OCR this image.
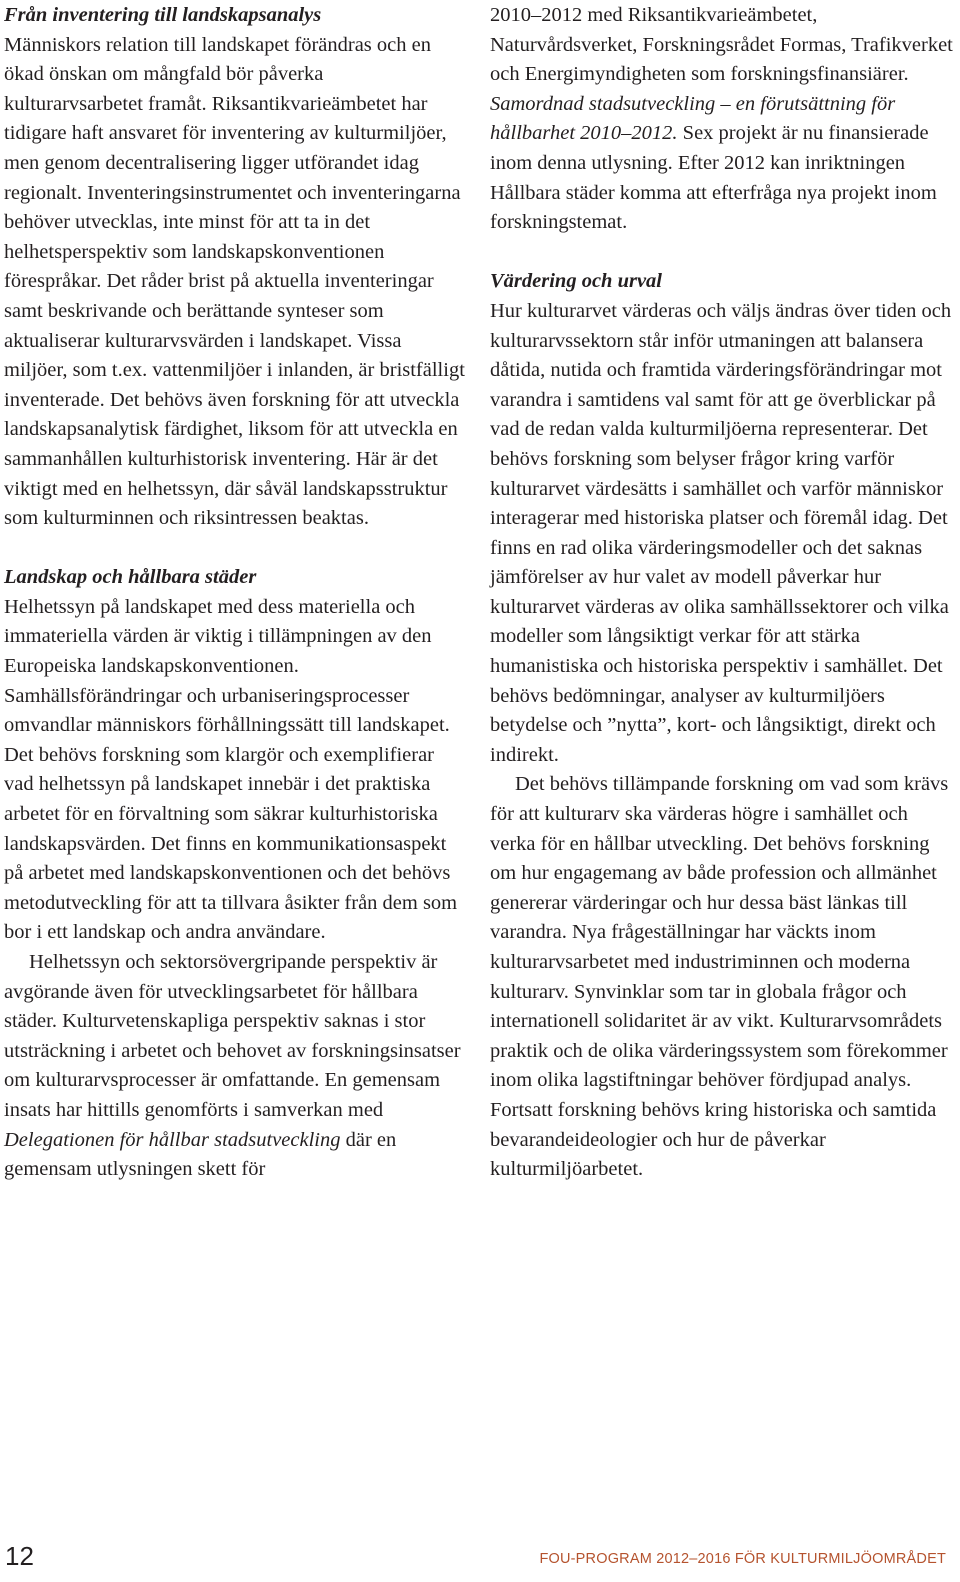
Från inventering till landskapsanalys

Människors relation till landskapet förändras och en ökad önskan om mångfald bör påverka kulturarvsarbetet framåt. Riksantikvarieämbetet har tidigare haft ansvaret för inventering av kulturmiljöer, men genom decentralisering ligger utförandet idag regionalt. Inventeringsinstrumentet och inventeringarna behöver utvecklas, inte minst för att ta in det helhetsperspektiv som landskapskonventionen förespråkar. Det råder brist på aktuella inventeringar samt beskrivande och berättande synteser som aktualiserar kulturarvsvärden i landskapet. Vissa miljöer, som t.ex. vattenmiljöer i inlanden, är bristfälligt inventerade. Det behövs även forskning för att utveckla landskapsanalytisk färdighet, liksom för att utveckla en sammanhållen kulturhistorisk inventering. Här är det viktigt med en helhetssyn, där såväl landskapsstruktur som kulturminnen och riksintressen beaktas.

Landskap och hållbara städer

Helhetssyn på landskapet med dess materiella och immateriella värden är viktig i tillämpningen av den Europeiska landskapskonventionen. Samhällsförändringar och urbaniseringsprocesser omvandlar människors förhållningssätt till landskapet. Det behövs forskning som klargör och exemplifierar vad helhetssyn på landskapet innebär i det praktiska arbetet för en förvaltning som säkrar kulturhistoriska landskapsvärden. Det finns en kommunikationsaspekt på arbetet med landskapskonventionen och det behövs metodutveckling för att ta tillvara åsikter från dem som bor i ett landskap och andra användare.

Helhetssyn och sektorsövergripande perspektiv är avgörande även för utvecklingsarbetet för hållbara städer. Kulturvetenskapliga perspektiv saknas i stor utsträckning i arbetet och behovet av forskningsinsatser om kulturarvsprocesser är omfattande. En gemensam insats har hittills genomförts i samverkan med Delegationen för hållbar stadsutveckling där en gemensam utlysningen skett för

2010–2012 med Riksantikvarieämbetet, Naturvårdsverket, Forskningsrådet Formas, Trafikverket och Energimyndigheten som forskningsfinansiärer. Samordnad stadsutveckling – en förutsättning för hållbarhet 2010–2012. Sex projekt är nu finansierade inom denna utlysning. Efter 2012 kan inriktningen Hållbara städer komma att efterfråga nya projekt inom forskningstemat.

Värdering och urval

Hur kulturarvet värderas och väljs ändras över tiden och kulturarvssektorn står inför utmaningen att balansera dåtida, nutida och framtida värderingsförändringar mot varandra i samtidens val samt för att ge överblickar på vad de redan valda kulturmiljöerna representerar. Det behövs forskning som belyser frågor kring varför kulturarvet värdesätts i samhället och varför människor interagerar med historiska platser och föremål idag. Det finns en rad olika värderingsmodeller och det saknas jämförelser av hur valet av modell påverkar hur kulturarvet värderas av olika samhällssektorer och vilka modeller som långsiktigt verkar för att stärka humanistiska och historiska perspektiv i samhället. Det behövs bedömningar, analyser av kulturmiljöers betydelse och ”nytta”, kort- och långsiktigt, direkt och indirekt.

Det behövs tillämpande forskning om vad som krävs för att kulturarv ska värderas högre i samhället och verka för en hållbar utveckling. Det behövs forskning om hur engagemang av både profession och allmänhet genererar värderingar och hur dessa bäst länkas till varandra. Nya frågeställningar har väckts inom kulturarvsarbetet med industriminnen och moderna kulturarv. Synvinklar som tar in globala frågor och internationell solidaritet är av vikt. Kulturarvsområdets praktik och de olika värderingssystem som förekommer inom olika lagstiftningar behöver fördjupad analys. Fortsatt forskning behövs kring historiska och samtida bevarandeideologier och hur de påverkar kulturmiljöarbetet.

12	FOU-PROGRAM 2012–2016 FÖR KULTURMILJÖOMRÅDET
